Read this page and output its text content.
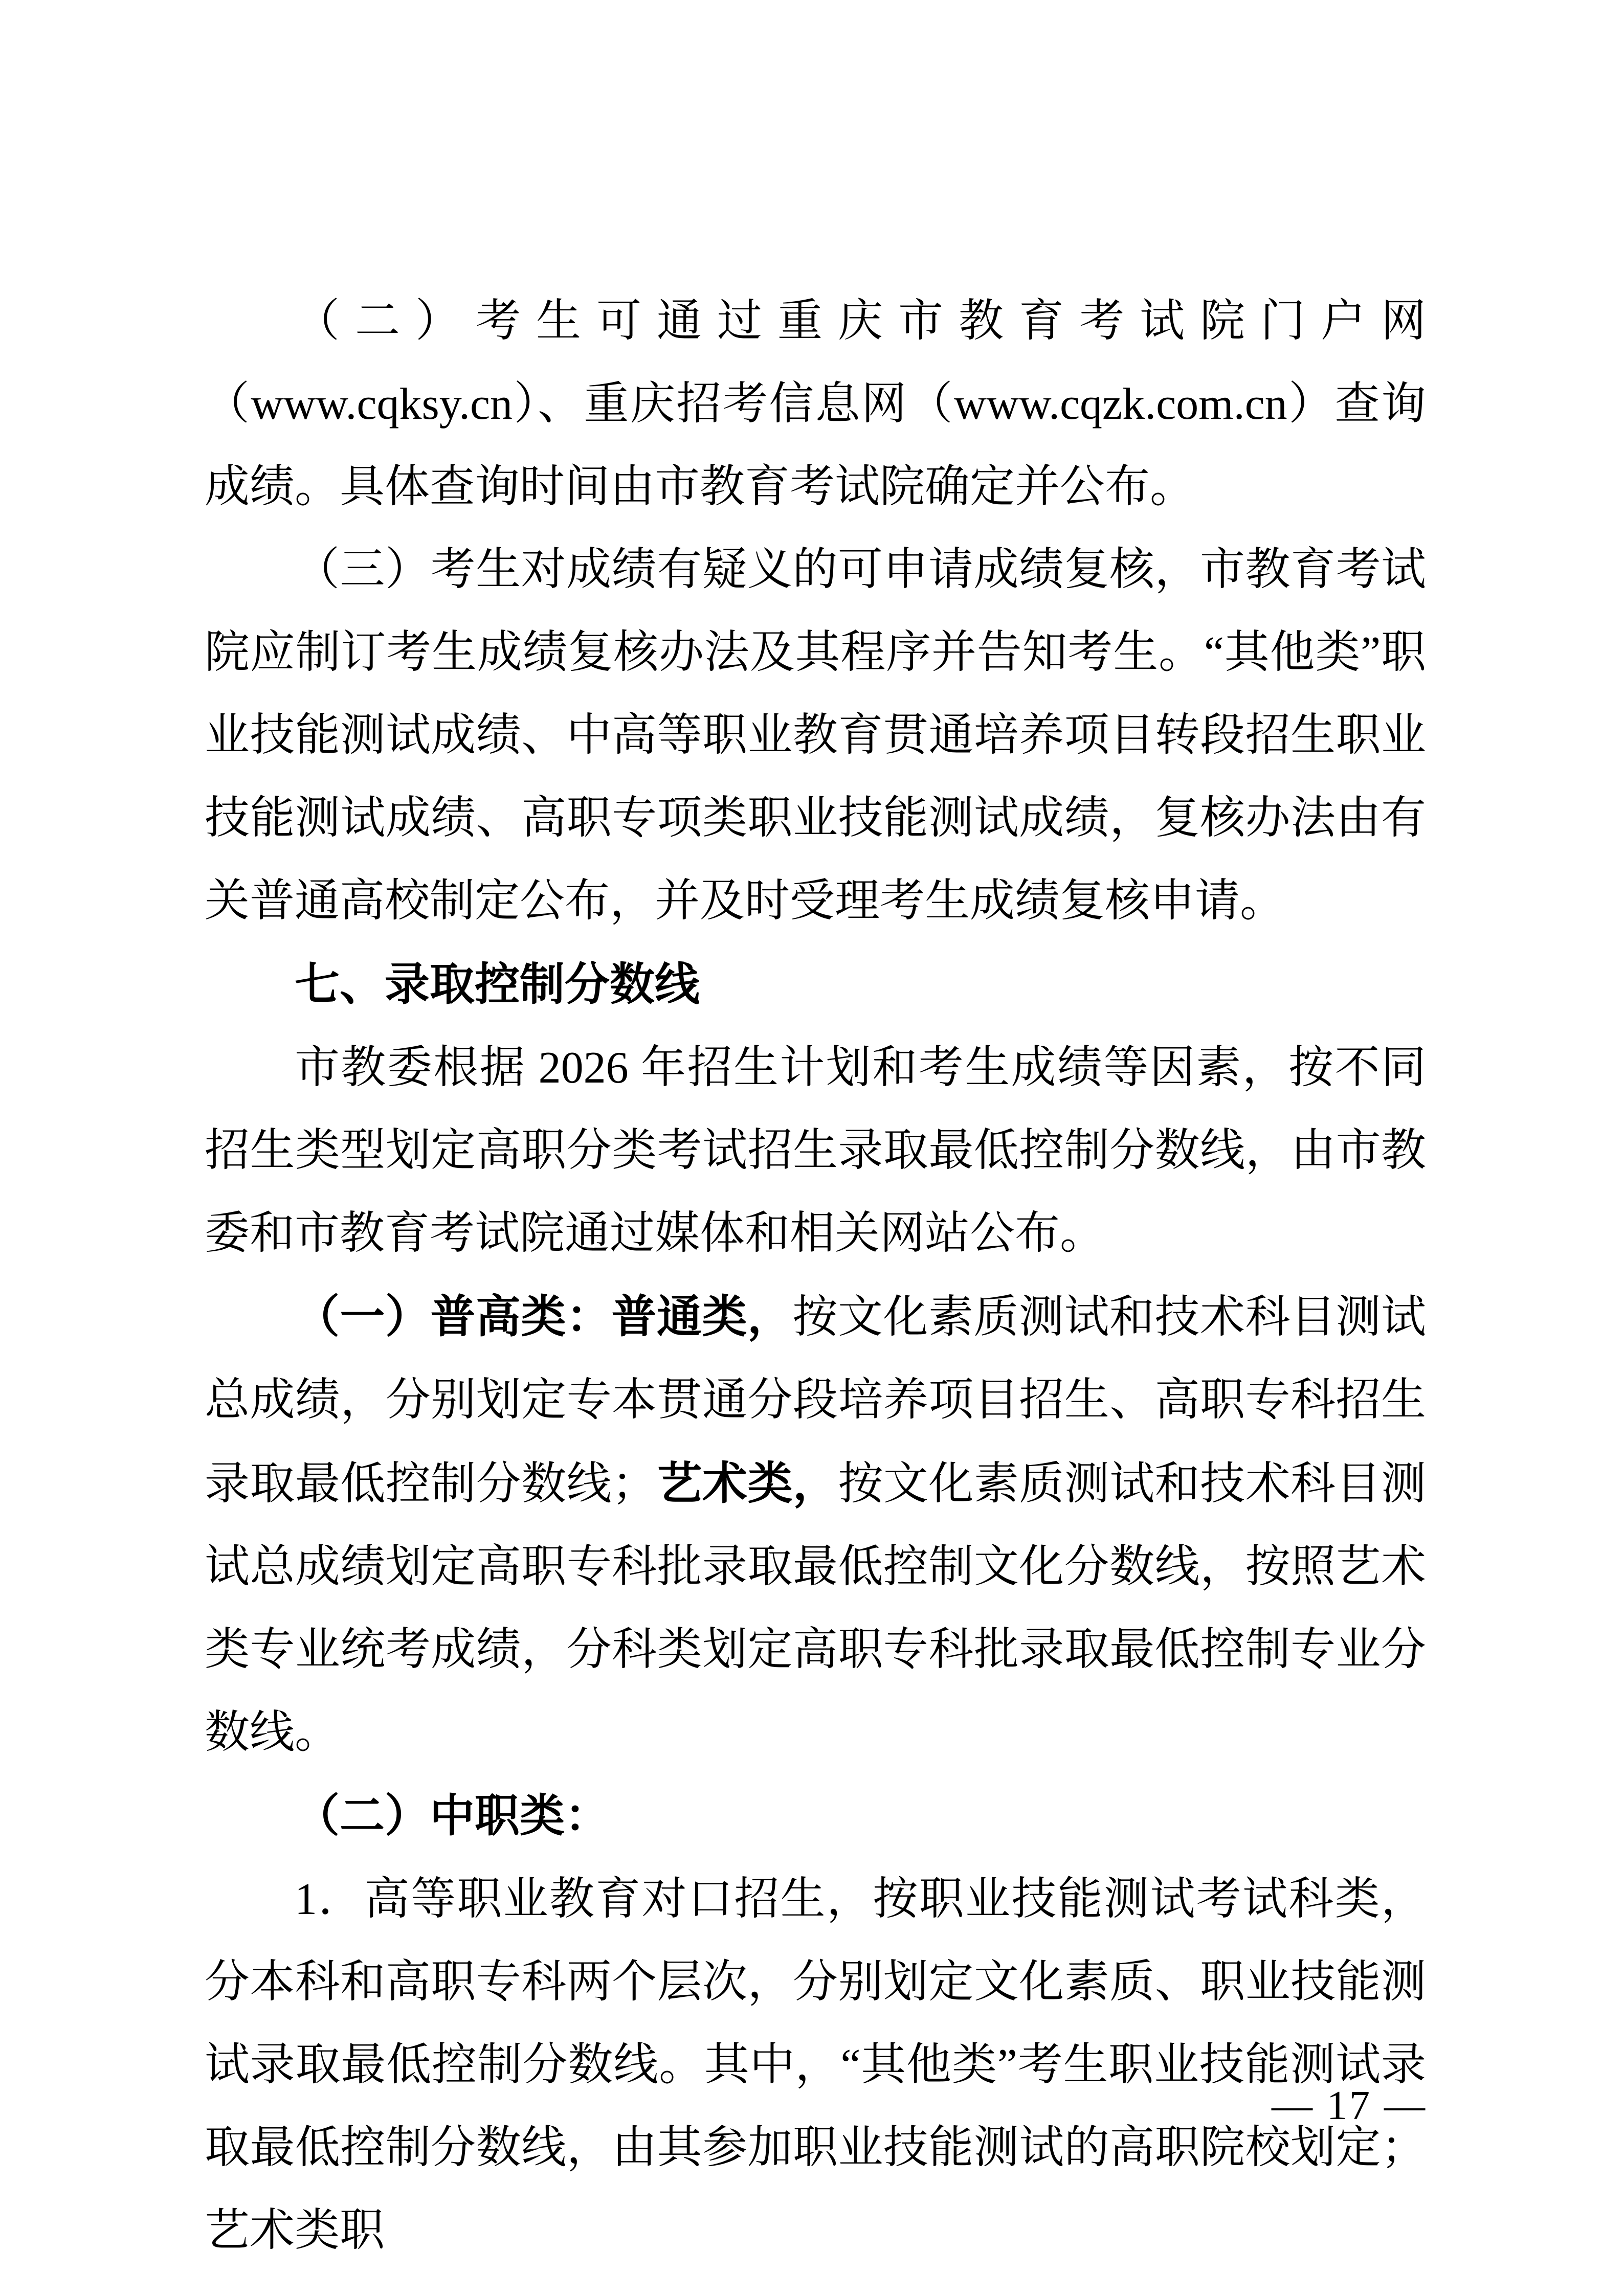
（二）考生可通过重庆市教育考试院门户网（www.cqksy.cn）、重庆招考信息网（www.cqzk.com.cn）查询成绩。具体查询时间由市教育考试院确定并公布。

（三）考生对成绩有疑义的可申请成绩复核，市教育考试院应制订考生成绩复核办法及其程序并告知考生。“其他类”职业技能测试成绩、中高等职业教育贯通培养项目转段招生职业技能测试成绩、高职专项类职业技能测试成绩，复核办法由有关普通高校制定公布，并及时受理考生成绩复核申请。

七、录取控制分数线

市教委根据 2026 年招生计划和考生成绩等因素，按不同招生类型划定高职分类考试招生录取最低控制分数线，由市教委和市教育考试院通过媒体和相关网站公布。

（一）普高类：普通类，按文化素质测试和技术科目测试总成绩，分别划定专本贯通分段培养项目招生、高职专科招生录取最低控制分数线；艺术类，按文化素质测试和技术科目测试总成绩划定高职专科批录取最低控制文化分数线，按照艺术类专业统考成绩，分科类划定高职专科批录取最低控制专业分数线。

（二）中职类：

1．高等职业教育对口招生，按职业技能测试考试科类，分本科和高职专科两个层次，分别划定文化素质、职业技能测试录取最低控制分数线。其中，“其他类”考生职业技能测试录取最低控制分数线，由其参加职业技能测试的高职院校划定；艺术类职

— 17 —
